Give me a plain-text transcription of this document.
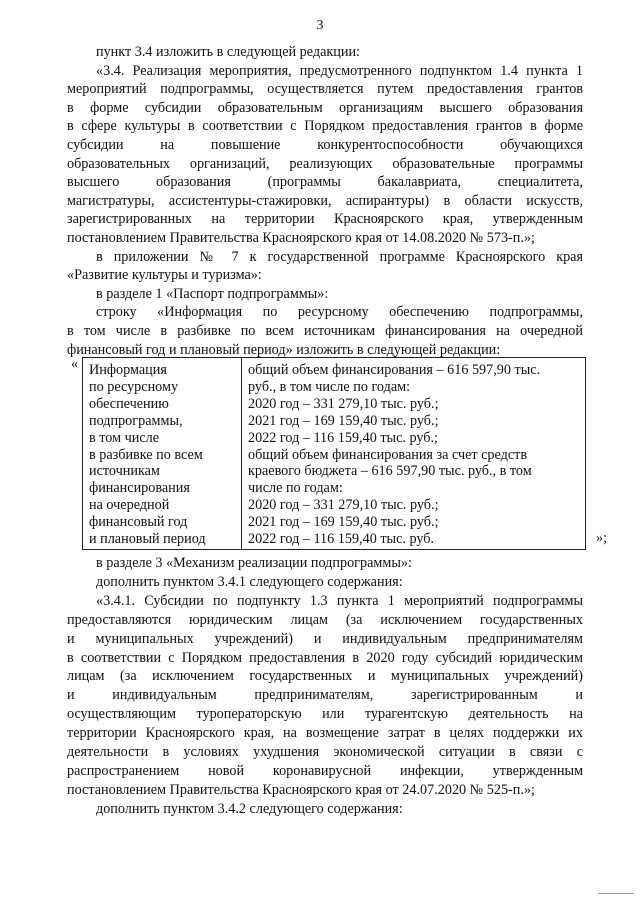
3
пункт 3.4 изложить в следующей редакции:
«3.4. Реализация мероприятия, предусмотренного подпунктом 1.4 пункта 1
мероприятий подпрограммы, осуществляется путем предоставления грантов
в форме субсидии образовательным организациям высшего образования
в сфере культуры в соответствии с Порядком предоставления грантов в форме
субсидии на повышение конкурентоспособности обучающихся
образовательных организаций, реализующих образовательные программы
высшего образования (программы бакалавриата, специалитета,
магистратуры, ассистентуры-стажировки, аспирантуры) в области искусств,
зарегистрированных на территории Красноярского края, утвержденным
постановлением Правительства Красноярского края от 14.08.2020 № 573-п.»;
в приложении № 7 к государственной программе Красноярского края
«Развитие культуры и туризма»:
в разделе 1 «Паспорт подпрограммы»:
строку «Информация по ресурсному обеспечению подпрограммы,
в том числе в разбивке по всем источникам финансирования на очередной
финансовый год и плановый период» изложить в следующей редакции:
« Информация
по ресурсному
обеспечению
подпрограммы,
в том числе
в разбивке по всем
источникам
финансирования
на очередной
финансовый год
и плановый период
общий объем финансирования – 616 597,90 тыс.
руб., в том числе по годам:
2020 год – 331 279,10 тыс. руб.;
2021 год – 169 159,40 тыс. руб.;
2022 год – 116 159,40 тыс. руб.;
общий объем финансирования за счет средств
краевого бюджета – 616 597,90 тыс. руб., в том
числе по годам:
2020 год – 331 279,10 тыс. руб.;
2021 год – 169 159,40 тыс. руб.;
2022 год – 116 159,40 тыс. руб.	»;
в разделе 3 «Механизм реализации подпрограммы»:
дополнить пунктом 3.4.1 следующего содержания:
«3.4.1. Субсидии по подпункту 1.3 пункта 1 мероприятий подпрограммы
предоставляются юридическим лицам (за исключением государственных
и муниципальных учреждений) и индивидуальным предпринимателям
в соответствии с Порядком предоставления в 2020 году субсидий юридическим
лицам (за исключением государственных и муниципальных учреждений)
и индивидуальным предпринимателям, зарегистрированным и
осуществляющим туроператорскую или турагентскую деятельность на
территории Красноярского края, на возмещение затрат в целях поддержки их
деятельности в условиях ухудшения экономической ситуации в связи с
распространением новой коронавирусной инфекции, утвержденным
постановлением Правительства Красноярского края от 24.07.2020 № 525-п.»;
дополнить пунктом 3.4.2 следующего содержания:
